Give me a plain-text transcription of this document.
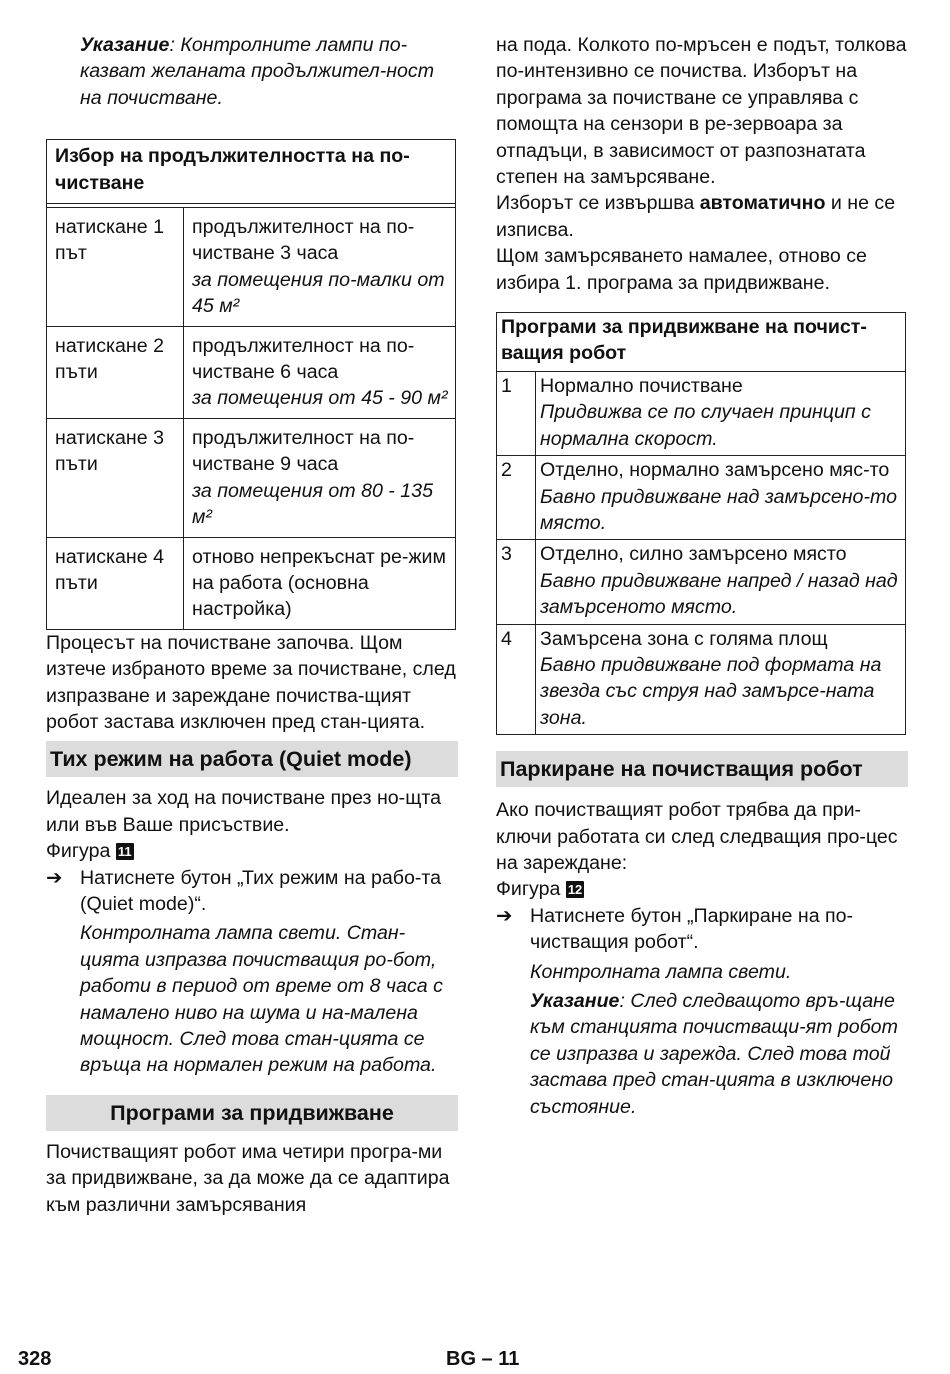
Указание: Контролните лампи по-казват желаната продължител-ност на почистване.

Избор на продължителността на по-чистване	

натискане 1 път	продължителност на по-чистване 3 часа
за помещения по-малки от 45 м²

натискане 2 пъти	продължителност на по-чистване 6 часа
за помещения от 45 - 90 м²

натискане 3 пъти	продължителност на по-чистване 9 часа
за помещения от 80 - 135 м²

натискане 4 пъти	отново непрекъснат ре-жим на работа (основна настройка)

Процесът на почистване започва. Щом изтече избраното време за почистване, след изпразване и зареждане почиства-щият робот застава изключен пред стан-цията.

Тих режим на работа (Quiet mode)

Идеален за ход на почистване през но-щта или във Ваше присъствие.

Фигура 11

➔ Натиснете бутон „Тих режим на рабо-та (Quiet mode)“.

Контролната лампа свети. Стан-цията изпразва почистващия ро-бот, работи в период от време от 8 часа с намалено ниво на шума и на-малена мощност. След това стан-цията се връща на нормален режим на работа.

Програми за придвижване

Почистващият робот има четири програ-ми за придвижване, за да може да се адаптира към различни замърсявания

на пода. Колкото по-мръсен е подът, толкова по-интензивно се почиства. Изборът на програма за почистване се управлява с помощта на сензори в ре-зервоара за отпадъци, в зависимост от разпознатата степен на замърсяване.

Изборът се извършва автоматично и не се изписва.

Щом замърсяването намалее, отново се избира 1. програма за придвижване.

Програми за придвижване на почист-ващия робот	
1	Нормално почистване
Придвижва се по случаен принцип с нормална скорост.

2	Отделно, нормално замърсено мяс-то
Бавно придвижване над замърсено-то място.

3	Отделно, силно замърсено място
Бавно придвижване напред / назад над замърсеното място.

4	Замърсена зона с голяма площ
Бавно придвижване под формата на звезда със струя над замърсе-ната зона.
Паркиране на почистващия робот

Ако почистващият робот трябва да при-ключи работата си след следващия про-цес на зареждане:

Фигура 12

➔ Натиснете бутон „Паркиране на по-чистващия робот“.

Контролната лампа свети.

Указание: След следващото връ-щане към станцията почистващи-ят робот се изпразва и зарежда. След това той застава пред стан-цията в изключено състояние.

328	BG – 11
